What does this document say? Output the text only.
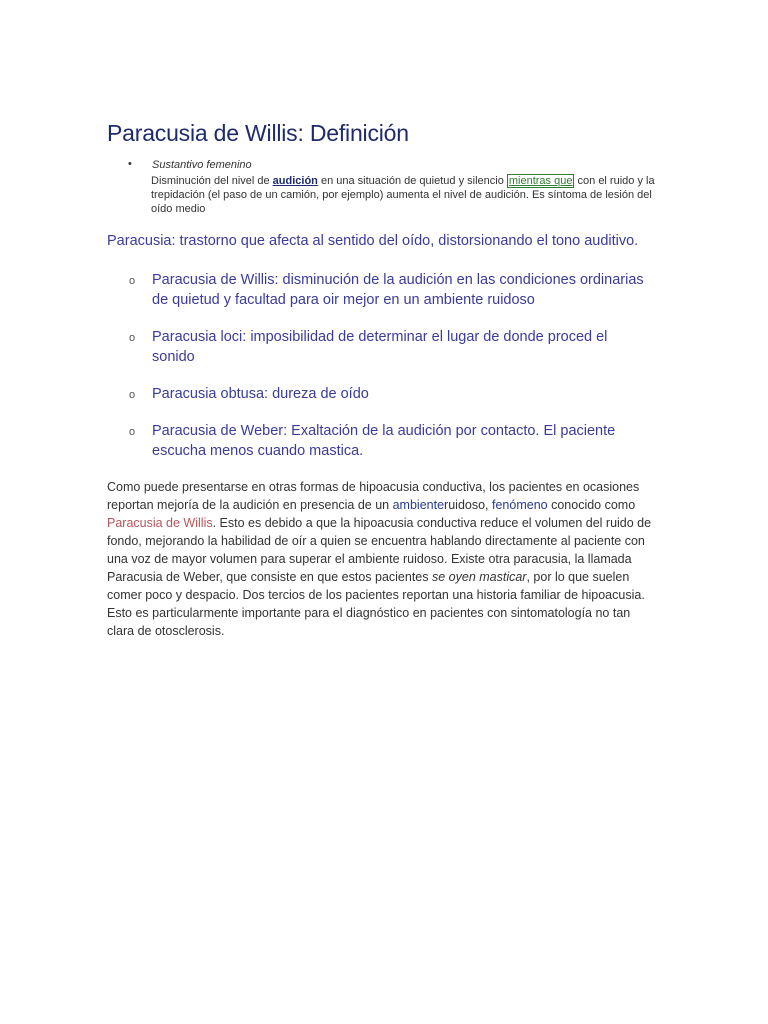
Paracusia de Willis: Definición
• Sustantivo femenino
Disminución del nivel de audición en una situación de quietud y silencio mientras que con el ruido y la trepidación (el paso de un camión, por ejemplo) aumenta el nivel de audición. Es síntoma de lesión del oído medio
Paracusia: trastorno que afecta al sentido del oído, distorsionando el tono auditivo.
o Paracusia de Willis: disminución de la audición en las condiciones ordinarias de quietud y facultad para oir mejor en un ambiente ruidoso
o Paracusia loci: imposibilidad de determinar el lugar de donde proced el sonido
o Paracusia obtusa: dureza de oído
o Paracusia de Weber: Exaltación de la audición por contacto. El paciente escucha menos cuando mastica.
Como puede presentarse en otras formas de hipoacusia conductiva, los pacientes en ocasiones reportan mejoría de la audición en presencia de un ambienteruidoso, fenómeno conocido como Paracusia de Willis. Esto es debido a que la hipoacusia conductiva reduce el volumen del ruido de fondo, mejorando la habilidad de oír a quien se encuentra hablando directamente al paciente con una voz de mayor volumen para superar el ambiente ruidoso. Existe otra paracusia, la llamada Paracusia de Weber, que consiste en que estos pacientes se oyen masticar, por lo que suelen comer poco y despacio. Dos tercios de los pacientes reportan una historia familiar de hipoacusia. Esto es particularmente importante para el diagnóstico en pacientes con sintomatología no tan clara de otosclerosis.
